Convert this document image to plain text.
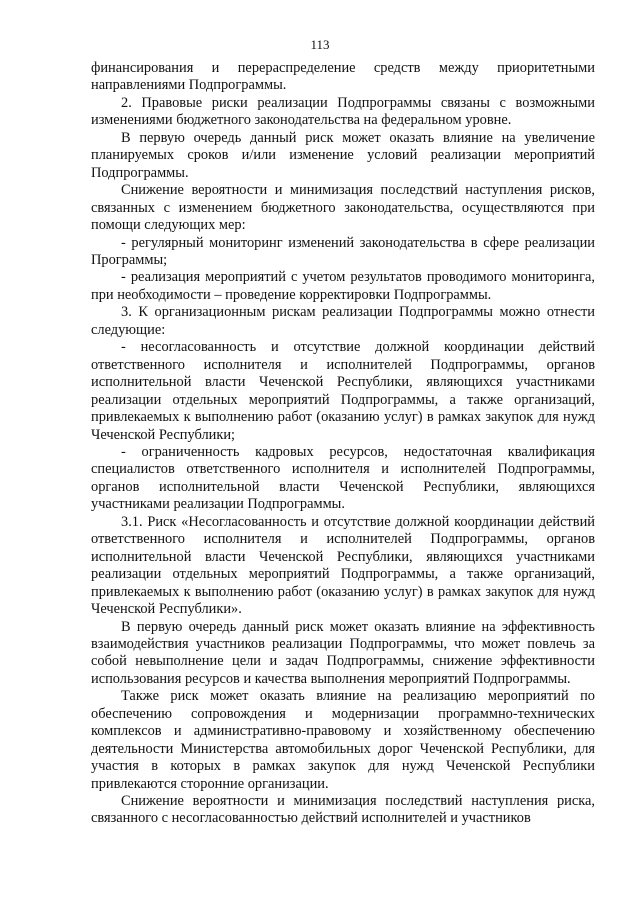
113

финансирования и перераспределение средств между приоритетными направлениями Подпрограммы.

2. Правовые риски реализации Подпрограммы связаны с возможными изменениями бюджетного законодательства на федеральном уровне.

В первую очередь данный риск может оказать влияние на увеличение планируемых сроков и/или изменение условий реализации мероприятий Подпрограммы.

Снижение вероятности и минимизация последствий наступления рисков, связанных с изменением бюджетного законодательства, осуществляются при помощи следующих мер:

- регулярный мониторинг изменений законодательства в сфере реализации Программы;

- реализация мероприятий с учетом результатов проводимого мониторинга, при необходимости – проведение корректировки Подпрограммы.

3. К организационным рискам реализации Подпрограммы можно отнести следующие:

- несогласованность и отсутствие должной координации действий ответственного исполнителя и исполнителей Подпрограммы, органов исполнительной власти Чеченской Республики, являющихся участниками реализации отдельных мероприятий Подпрограммы, а также организаций, привлекаемых к выполнению работ (оказанию услуг) в рамках закупок для нужд Чеченской Республики;

- ограниченность кадровых ресурсов, недостаточная квалификация специалистов ответственного исполнителя и исполнителей Подпрограммы, органов исполнительной власти Чеченской Республики, являющихся участниками реализации Подпрограммы.

3.1. Риск «Несогласованность и отсутствие должной координации действий ответственного исполнителя и исполнителей Подпрограммы, органов исполнительной власти Чеченской Республики, являющихся участниками реализации отдельных мероприятий Подпрограммы, а также организаций, привлекаемых к выполнению работ (оказанию услуг) в рамках закупок для нужд Чеченской Республики».

В первую очередь данный риск может оказать влияние на эффективность взаимодействия участников реализации Подпрограммы, что может повлечь за собой невыполнение цели и задач Подпрограммы, снижение эффективности использования ресурсов и качества выполнения мероприятий Подпрограммы.

Также риск может оказать влияние на реализацию мероприятий по обеспечению сопровождения и модернизации программно-технических комплексов и административно-правовому и хозяйственному обеспечению деятельности Министерства автомобильных дорог Чеченской Республики, для участия в которых в рамках закупок для нужд Чеченской Республики привлекаются сторонние организации.

Снижение вероятности и минимизация последствий наступления риска, связанного с несогласованностью действий исполнителей и участников
